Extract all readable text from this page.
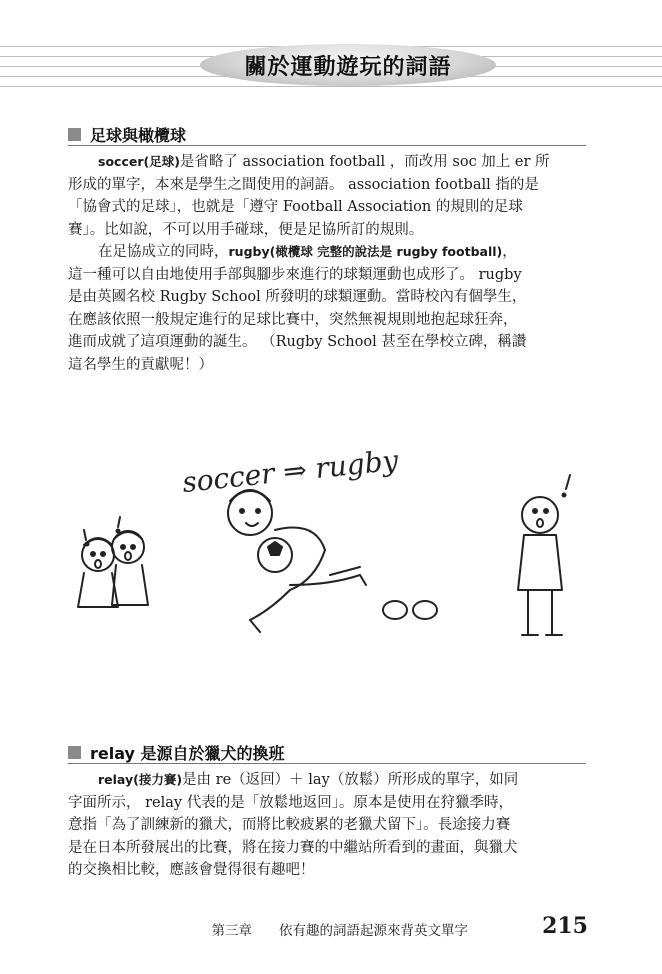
關於運動遊玩的詞語
足球與橄欖球
soccer(足球)是省略了 association football ，而改用 soc 加上 er 所
形成的單字，本來是學生之間使用的詞語。 association football 指的是
「協會式的足球」，也就是「遵守 Football Association 的規則的足球
賽」。比如說，不可以用手碰球，便是足協所訂的規則。
在足協成立的同時，rugby(橄欖球 完整的說法是 rugby football)，
這一種可以自由地使用手部與腳步來進行的球類運動也成形了。 rugby
是由英國名校 Rugby School 所發明的球類運動。當時校內有個學生，
在應該依照一般規定進行的足球比賽中，突然無視規則地抱起球狂奔，
進而成就了這項運動的誕生。 （Rugby School 甚至在學校立碑，稱讚
這名學生的貢獻呢！）
soccer ⇒ rugby
relay 是源自於獵犬的換班
relay(接力賽)是由 re（返回）＋ lay（放鬆）所形成的單字，如同
字面所示， relay 代表的是「放鬆地返回」。原本是使用在狩獵季時，
意指「為了訓練新的獵犬，而將比較疲累的老獵犬留下」。長途接力賽
是在日本所發展出的比賽，將在接力賽的中繼站所看到的畫面，與獵犬
的交換相比較，應該會覺得很有趣吧！
第三章　　依有趣的詞語起源來背英文單字	215
